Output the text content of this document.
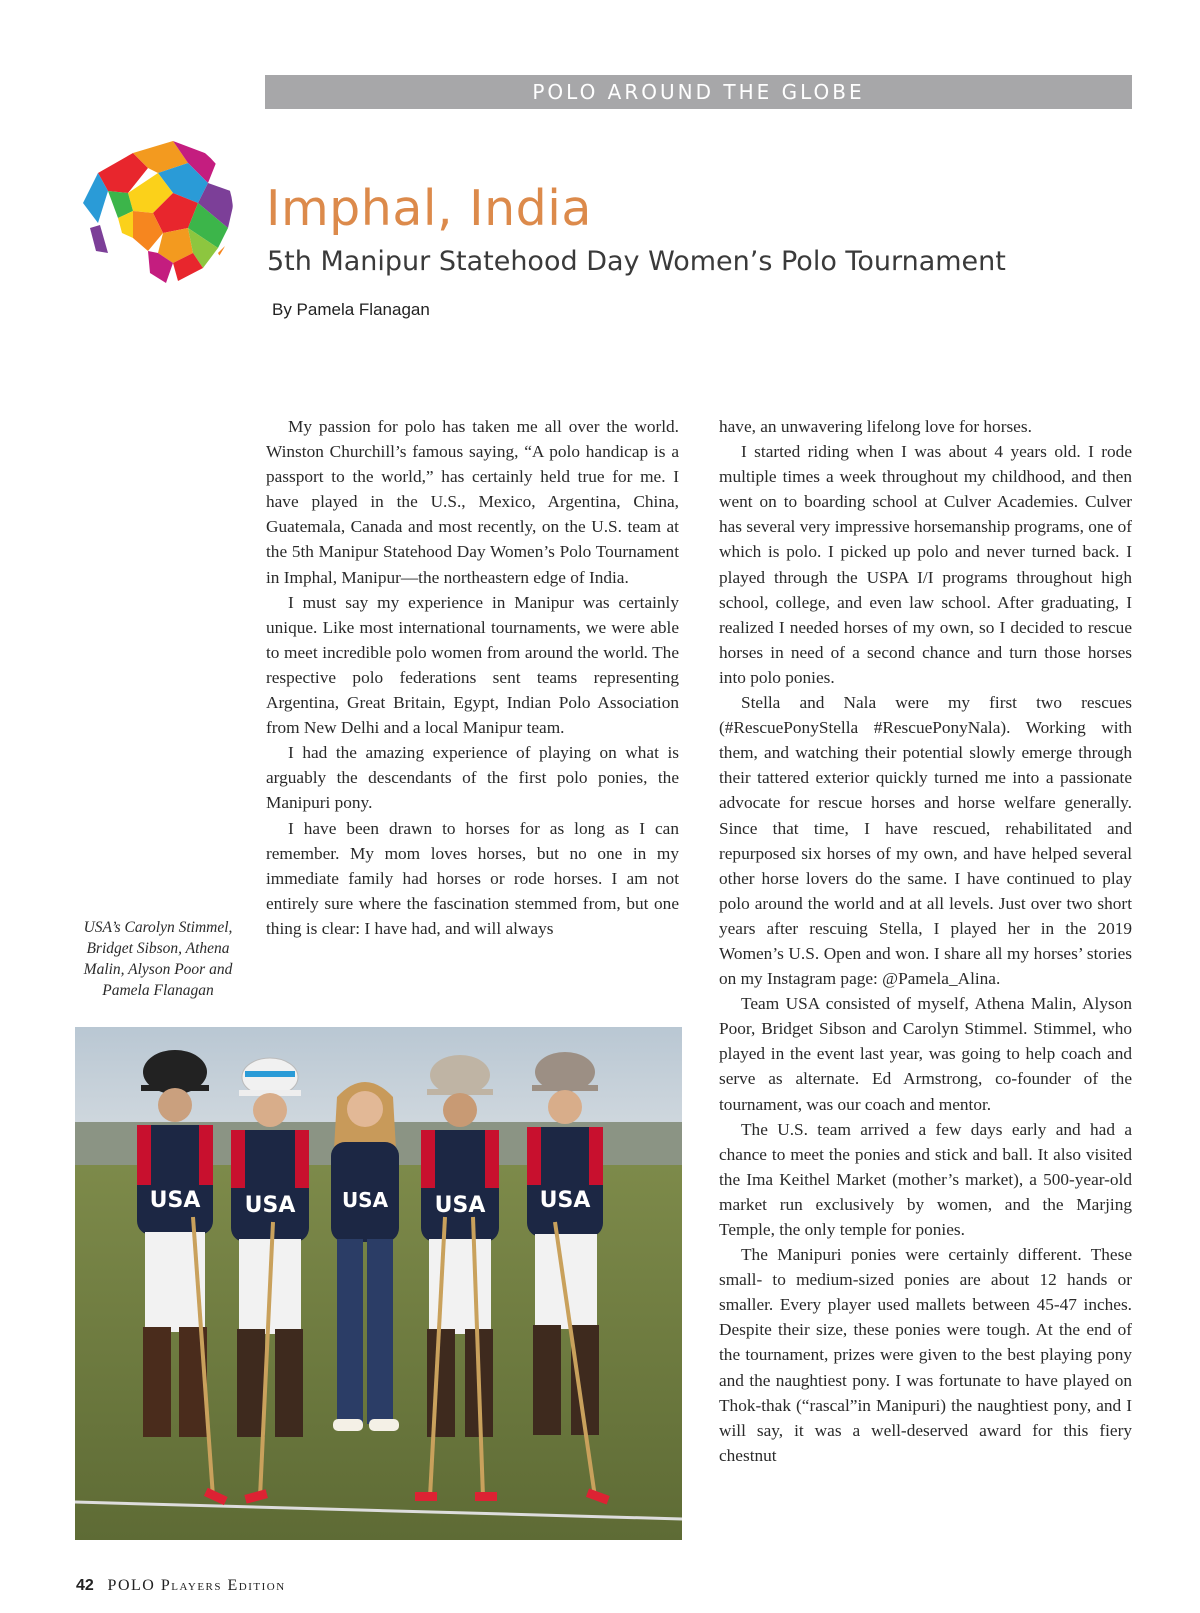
POLO AROUND THE GLOBE
Imphal, India
5th Manipur Statehood Day Women’s Polo Tournament
By Pamela Flanagan

My passion for polo has taken me all over the world. Winston Churchill’s famous saying, “A polo handicap is a passport to the world,” has certainly held true for me. I have played in the U.S., Mexico, Argentina, China, Guatemala, Canada and most recently, on the U.S. team at the 5th Manipur Statehood Day Women’s Polo Tournament in Imphal, Manipur—the northeastern edge of India.

I must say my experience in Manipur was certainly unique. Like most international tournaments, we were able to meet incredible polo women from around the world. The respective polo federations sent teams representing Argentina, Great Britain, Egypt, Indian Polo Association from New Delhi and a local Manipur team.

I had the amazing experience of playing on what is arguably the descendants of the first polo ponies, the Manipuri pony.

I have been drawn to horses for as long as I can remember. My mom loves horses, but no one in my immediate family had horses or rode horses. I am not entirely sure where the fascination stemmed from, but one thing is clear: I have had, and will always

have, an unwavering lifelong love for horses.

I started riding when I was about 4 years old. I rode multiple times a week throughout my childhood, and then went on to boarding school at Culver Academies. Culver has several very impressive horsemanship programs, one of which is polo. I picked up polo and never turned back. I played through the USPA I/I programs throughout high school, college, and even law school. After graduating, I realized I needed horses of my own, so I decided to rescue horses in need of a second chance and turn those horses into polo ponies.

Stella and Nala were my first two rescues (#RescuePonyStella #RescuePonyNala). Working with them, and watching their potential slowly emerge through their tattered exterior quickly turned me into a passionate advocate for rescue horses and horse welfare generally. Since that time, I have rescued, rehabilitated and repurposed six horses of my own, and have helped several other horse lovers do the same. I have continued to play polo around the world and at all levels. Just over two short years after rescuing Stella, I played her in the 2019 Women’s U.S. Open and won. I share all my horses’ stories on my Instagram page: @Pamela_Alina.

Team USA consisted of myself, Athena Malin, Alyson Poor, Bridget Sibson and Carolyn Stimmel. Stimmel, who played in the event last year, was going to help coach and serve as alternate. Ed Armstrong, co-founder of the tournament, was our coach and mentor.

The U.S. team arrived a few days early and had a chance to meet the ponies and stick and ball. It also visited the Ima Keithel Market (mother’s market), a 500-year-old market run exclusively by women, and the Marjing Temple, the only temple for ponies.

The Manipuri ponies were certainly different. These small- to medium-sized ponies are about 12 hands or smaller. Every player used mallets between 45-47 inches. Despite their size, these ponies were tough. At the end of the tournament, prizes were given to the best playing pony and the naughtiest pony. I was fortunate to have played on Thok-thak (“rascal”in Manipuri) the naughtiest pony, and I will say, it was a well-deserved award for this fiery chestnut

USA’s Carolyn Stimmel, Bridget Sibson, Athena Malin, Alyson Poor and Pamela Flanagan
USA USA USA USA USA
42 POLO Players Edition
